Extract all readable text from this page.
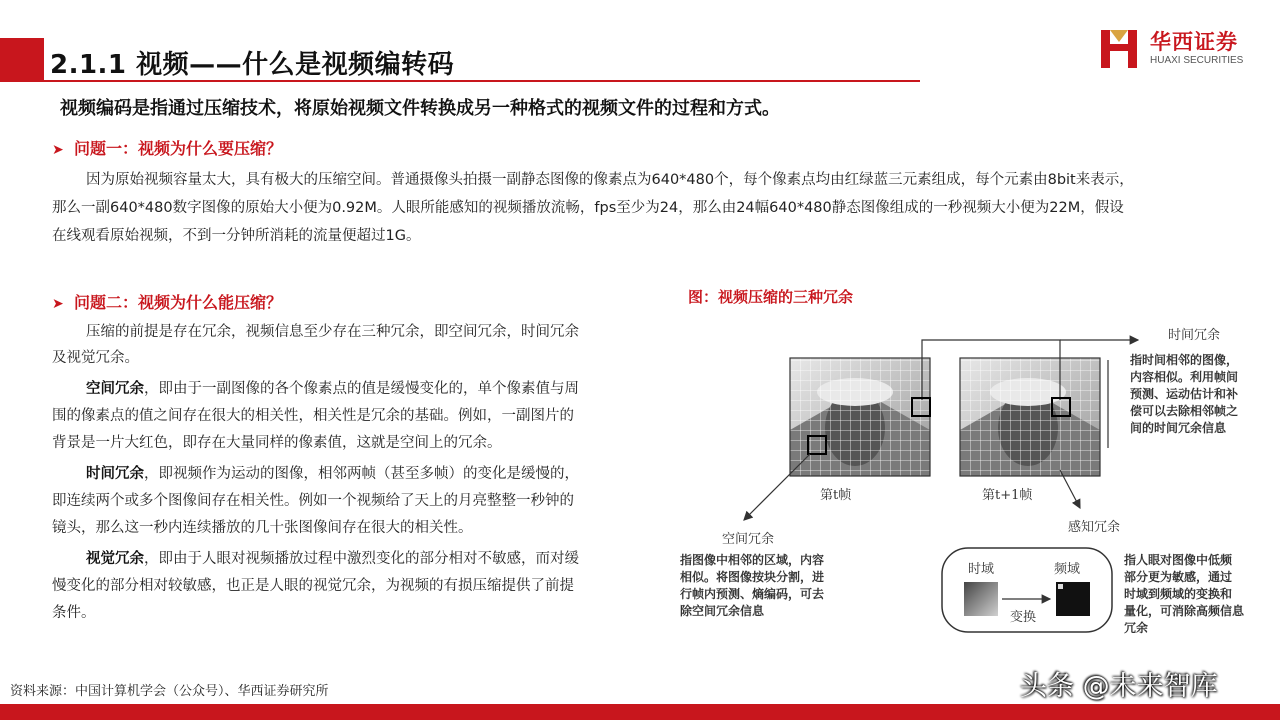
2.1.1 视频——什么是视频编转码
华西证券
HUAXI SECURITIES
视频编码是指通过压缩技术，将原始视频文件转换成另一种格式的视频文件的过程和方式。
➤ 问题一：视频为什么要压缩？
因为原始视频容量太大，具有极大的压缩空间。普通摄像头拍摄一副静态图像的像素点为640*480个，每个像素点均由红绿蓝三元素组成，每个元素由8bit来表示，
那么一副640*480数字图像的原始大小便为0.92M。人眼所能感知的视频播放流畅，fps至少为24，那么由24幅640*480静态图像组成的一秒视频大小便为22M，假设
在线观看原始视频，不到一分钟所消耗的流量便超过1G。
➤ 问题二：视频为什么能压缩？
压缩的前提是存在冗余，视频信息至少存在三种冗余，即空间冗余，时间冗余
及视觉冗余。
空间冗余，即由于一副图像的各个像素点的值是缓慢变化的，单个像素值与周
围的像素点的值之间存在很大的相关性，相关性是冗余的基础。例如，一副图片的
背景是一片大红色，即存在大量同样的像素值，这就是空间上的冗余。
时间冗余，即视频作为运动的图像，相邻两帧（甚至多帧）的变化是缓慢的，
即连续两个或多个图像间存在相关性。例如一个视频给了天上的月亮整整一秒钟的
镜头，那么这一秒内连续播放的几十张图像间存在很大的相关性。
视觉冗余，即由于人眼对视频播放过程中激烈变化的部分相对不敏感，而对缓
慢变化的部分相对较敏感，也正是人眼的视觉冗余，为视频的有损压缩提供了前提
条件。
图：视频压缩的三种冗余
时间冗余
指时间相邻的图像，
内容相似。利用帧间
预测、运动估计和补
偿可以去除相邻帧之
间的时间冗余信息
第t帧	第t+1帧
空间冗余
指图像中相邻的区域，内容
相似。将图像按块分割，进
行帧内预测、熵编码，可去
除空间冗余信息
感知冗余
时域	频域
变换
指人眼对图像中低频
部分更为敏感，通过
时域到频域的变换和
量化，可消除高频信息
冗余
资料来源：中国计算机学会（公众号）、华西证券研究所	头条 @未来智库
